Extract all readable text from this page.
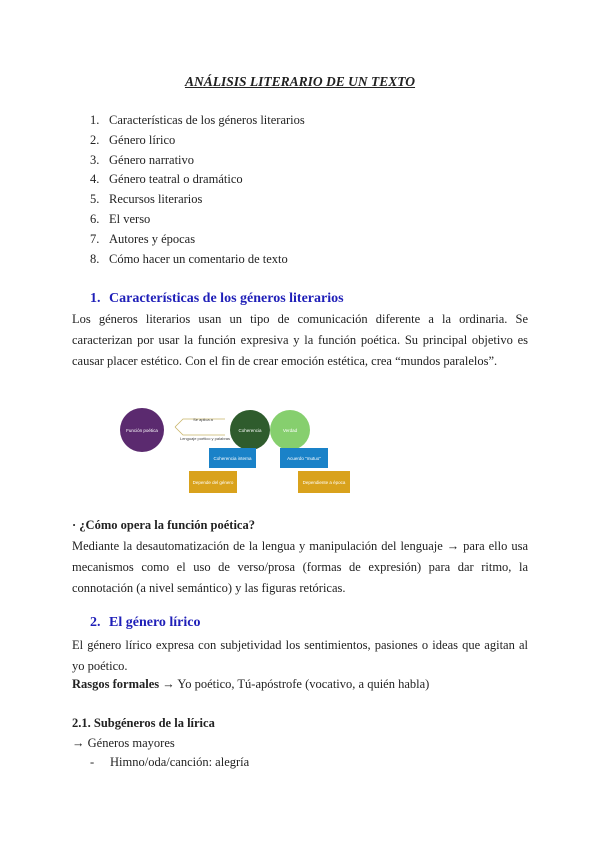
ANÁLISIS LITERARIO DE UN TEXTO
1. Características de los géneros literarios
2. Género lírico
3. Género narrativo
4. Género teatral o dramático
5. Recursos literarios
6. El verso
7. Autores y épocas
8. Cómo hacer un comentario de texto
1. Características de los géneros literarios
Los géneros literarios usan un tipo de comunicación diferente a la ordinaria. Se caracterizan por usar la función expresiva y la función poética. Su principal objetivo es causar placer estético. Con el fin de crear emoción estética, crea “mundos paralelos”.
Función poética	Coherencia	Verdad
Se aplica a
Lenguaje poético y palabras
Coherencia interna
Depende del género
Acuerdo "mutuo"
Dependiente a época
· ¿Cómo opera la función poética?
Mediante la desautomatización de la lengua y manipulación del lenguaje → para ello usa mecanismos como el uso de verso/prosa (formas de expresión) para dar ritmo, la connotación (a nivel semántico) y las figuras retóricas.
2. El género lírico
El género lírico expresa con subjetividad los sentimientos, pasiones o ideas que agitan al yo poético.
Rasgos formales → Yo poético, Tú-apóstrofe (vocativo, a quién habla)
2.1. Subgéneros de la lírica
→ Géneros mayores
- Himno/oda/canción: alegría
